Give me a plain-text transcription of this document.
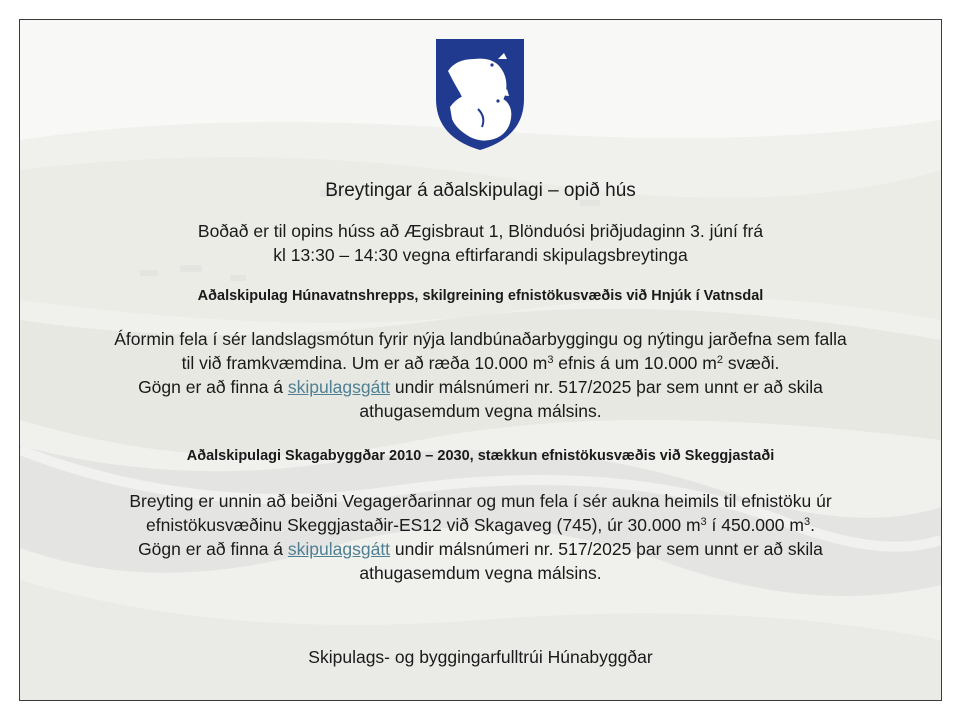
Breytingar á aðalskipulagi – opið hús
Boðað er til opins húss að Ægisbraut 1, Blönduósi þriðjudaginn 3. júní frá
kl 13:30 – 14:30 vegna eftirfarandi skipulagsbreytinga
Aðalskipulag Húnavatnshrepps, skilgreining efnistökusvæðis við Hnjúk í Vatnsdal
Áformin fela í sér landslagsmótun fyrir nýja landbúnaðarbyggingu og nýtingu jarðefna sem falla
til við framkvæmdina. Um er að ræða 10.000 $m^3$ efnis á um 10.000 $m^2$ svæði.
Gögn er að finna á skipulagsgátt undir málsnúmeri nr. 517/2025 þar sem unnt er að skila
athugasemdum vegna málsins.
Aðalskipulagi Skagabyggðar 2010 – 2030, stækkun efnistökusvæðis við Skeggjastaði
Breyting er unnin að beiðni Vegagerðarinnar og mun fela í sér aukna heimils til efnistöku úr
efnistökusvæðinu Skeggjastaðir-ES12 við Skagaveg (745), úr 30.000 $m^3$ í 450.000 $m^3$.
Gögn er að finna á skipulagsgátt undir málsnúmeri nr. 517/2025 þar sem unnt er að skila
athugasemdum vegna málsins.
Skipulags- og byggingarfulltrúi Húnabyggðar
